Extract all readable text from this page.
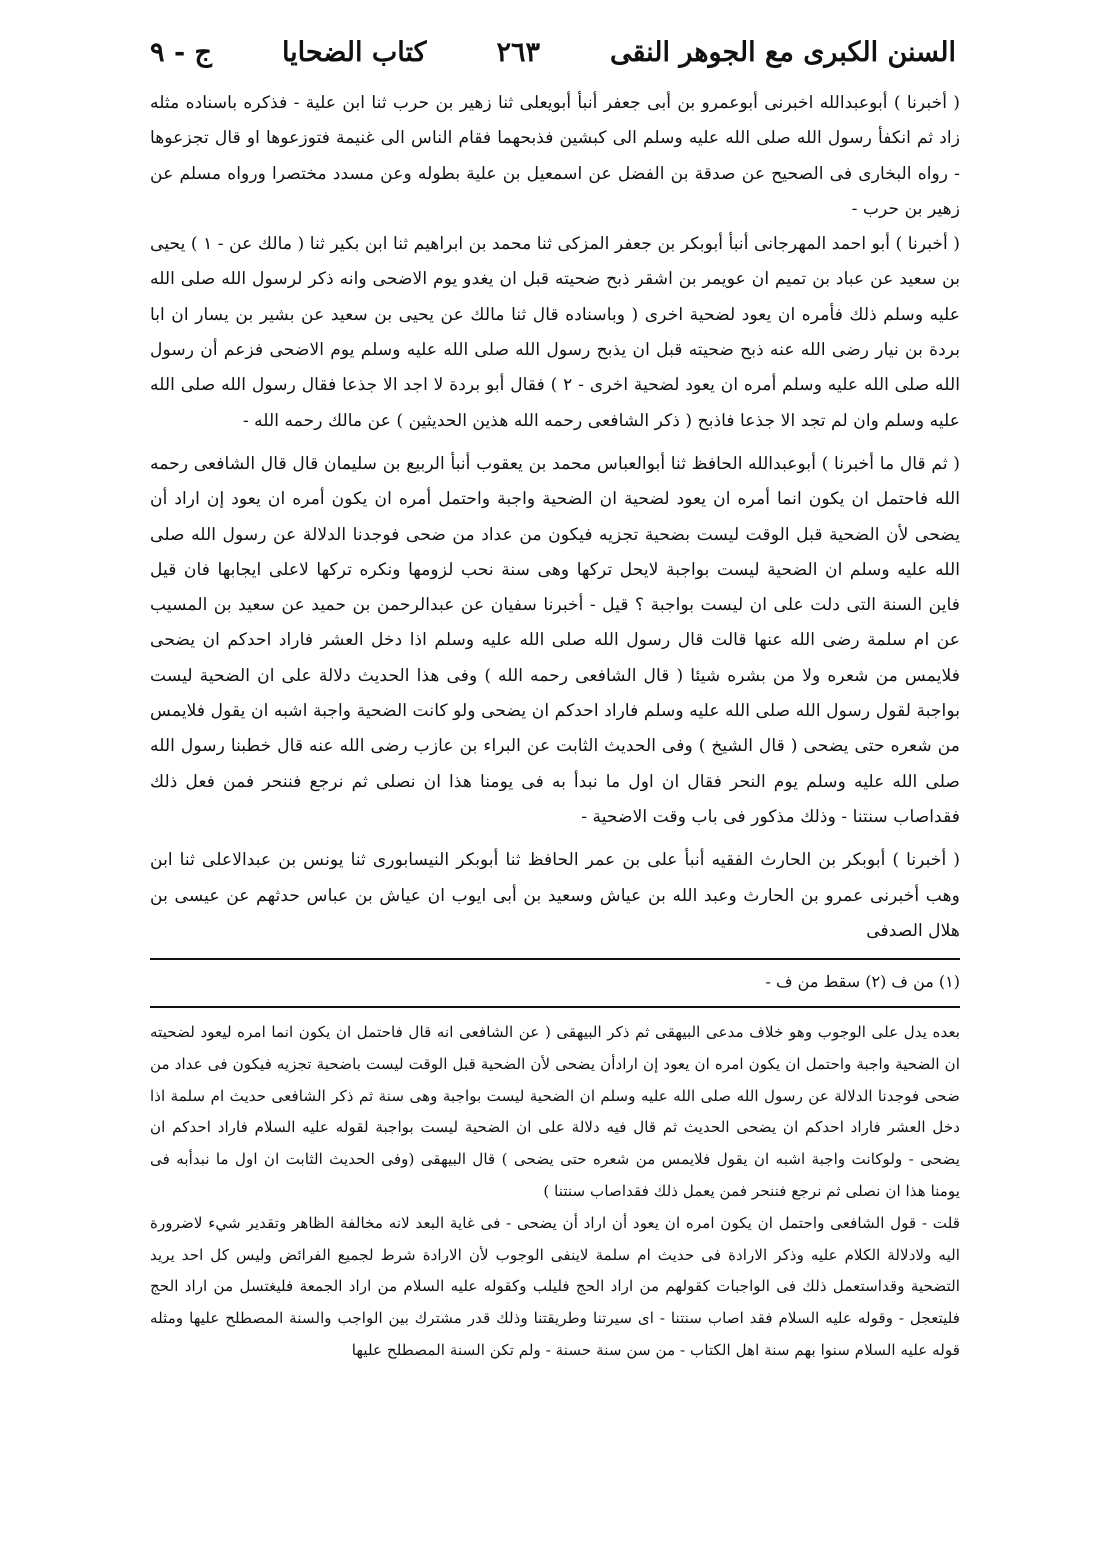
السنن الكبرى مع الجوهر النقى
٢٦٣
كتاب الضحايا
ج - ٩

( أخبرنا ) أبوعبدالله اخبرنى أبوعمرو بن أبى جعفر أنبأ أبويعلى ثنا زهير بن حرب ثنا ابن علية - فذكره باسناده مثله زاد ثم انكفأ رسول الله صلى الله عليه وسلم الى كبشين فذبحهما فقام الناس الى غنيمة فتوزعوها او قال تجزعوها - رواه البخارى فى الصحيح عن صدقة بن الفضل عن اسمعيل بن علية بطوله وعن مسدد مختصرا ورواه مسلم عن زهير بن حرب -

( أخبرنا ) أبو احمد المهرجانى أنبأ أبوبكر بن جعفر المزكى ثنا محمد بن ابراهيم ثنا ابن بكير ثنا ( مالك عن - ١ ) يحيى بن سعيد عن عباد بن تميم ان عويمر بن اشقر ذبح ضحيته قبل ان يغدو يوم الاضحى وانه ذكر لرسول الله صلى الله عليه وسلم ذلك فأمره ان يعود لضحية اخرى ( وباسناده قال ثنا مالك عن يحيى بن سعيد عن بشير بن يسار ان ابا بردة بن نيار رضى الله عنه ذبح ضحيته قبل ان يذبح رسول الله صلى الله عليه وسلم يوم الاضحى فزعم أن رسول الله صلى الله عليه وسلم أمره ان يعود لضحية اخرى - ٢ ) فقال أبو بردة لا اجد الا جذعا فقال رسول الله صلى الله عليه وسلم وان لم تجد الا جذعا فاذبح ( ذكر الشافعى رحمه الله هذين الحديثين ) عن مالك رحمه الله -

( ثم قال ما أخبرنا ) أبوعبدالله الحافظ ثنا أبوالعباس محمد بن يعقوب أنبأ الربيع بن سليمان قال قال الشافعى رحمه الله فاحتمل ان يكون انما أمره ان يعود لضحية ان الضحية واجبة واحتمل أمره ان يكون أمره ان يعود إن اراد أن يضحى لأن الضحية قبل الوقت ليست بضحية تجزيه فيكون من عداد من ضحى فوجدنا الدلالة عن رسول الله صلى الله عليه وسلم ان الضحية ليست بواجبة لايحل تركها وهى سنة نحب لزومها ونكره تركها لاعلى ايجابها فان قيل فاين السنة التى دلت على ان ليست بواجبة ؟ قيل - أخبرنا سفيان عن عبدالرحمن بن حميد عن سعيد بن المسيب عن ام سلمة رضى الله عنها قالت قال رسول الله صلى الله عليه وسلم اذا دخل العشر فاراد احدكم ان يضحى فلايمس من شعره ولا من بشره شيئا ( قال الشافعى رحمه الله ) وفى هذا الحديث دلالة على ان الضحية ليست بواجبة لقول رسول الله صلى الله عليه وسلم فاراد احدكم ان يضحى ولو كانت الضحية واجبة اشبه ان يقول فلايمس من شعره حتى يضحى ( قال الشيخ ) وفى الحديث الثابت عن البراء بن عازب رضى الله عنه قال خطبنا رسول الله صلى الله عليه وسلم يوم النحر فقال ان اول ما نبدأ به فى يومنا هذا ان نصلى ثم نرجع فننحر فمن فعل ذلك فقداصاب سنتنا - وذلك مذكور فى باب وقت الاضحية -

( أخبرنا ) أبوبكر بن الحارث الفقيه أنبأ على بن عمر الحافظ ثنا أبوبكر النيسابورى ثنا يونس بن عبدالاعلى ثنا ابن وهب أخبرنى عمرو بن الحارث وعبد الله بن عياش وسعيد بن أبى ايوب ان عياش بن عباس حدثهم عن عيسى بن هلال الصدفى

(١) من ف (٢) سقط من ف -

بعده يدل على الوجوب وهو خلاف مدعى البيهقى ثم ذكر البيهقى ( عن الشافعى انه قال فاحتمل ان يكون انما امره ليعود لضحيته ان الضحية واجبة واحتمل ان يكون امره ان يعود إن ارادأن يضحى لأن الضحية قبل الوقت ليست باضحية تجزيه فيكون فى عداد من ضحى فوجدنا الدلالة عن رسول الله صلى الله عليه وسلم ان الضحية ليست بواجبة وهى سنة ثم ذكر الشافعى حديث ام سلمة اذا دخل العشر فاراد احدكم ان يضحى الحديث ثم قال فيه دلالة على ان الضحية ليست بواجبة لقوله عليه السلام فاراد احدكم ان يضحى - ولوكانت واجبة اشبه ان يقول فلايمس من شعره حتى يضحى ) قال البيهقى (وفى الحديث الثابت ان اول ما نبدأبه فى يومنا هذا ان نصلى ثم نرجع فننحر فمن يعمل ذلك فقداصاب سنتنا )

قلت - قول الشافعى واحتمل ان يكون امره ان يعود أن اراد أن يضحى - فى غاية البعد لانه مخالفة الظاهر وتقدير شيء لاضرورة اليه ولادلالة الكلام عليه وذكر الارادة فى حديث ام سلمة لاينفى الوجوب لأن الارادة شرط لجميع الفرائض وليس كل احد يريد التضحية وقداستعمل ذلك فى الواجبات كقولهم من اراد الحج فليلب وكقوله عليه السلام من اراد الجمعة فليغتسل من اراد الحج فليتعجل - وقوله عليه السلام فقد اصاب سنتنا - اى سيرتنا وطريقتنا وذلك قدر مشترك بين الواجب والسنة المصطلح عليها ومثله قوله عليه السلام سنوا بهم سنة اهل الكتاب - من سن سنة حسنة - ولم تكن السنة المصطلح عليها
